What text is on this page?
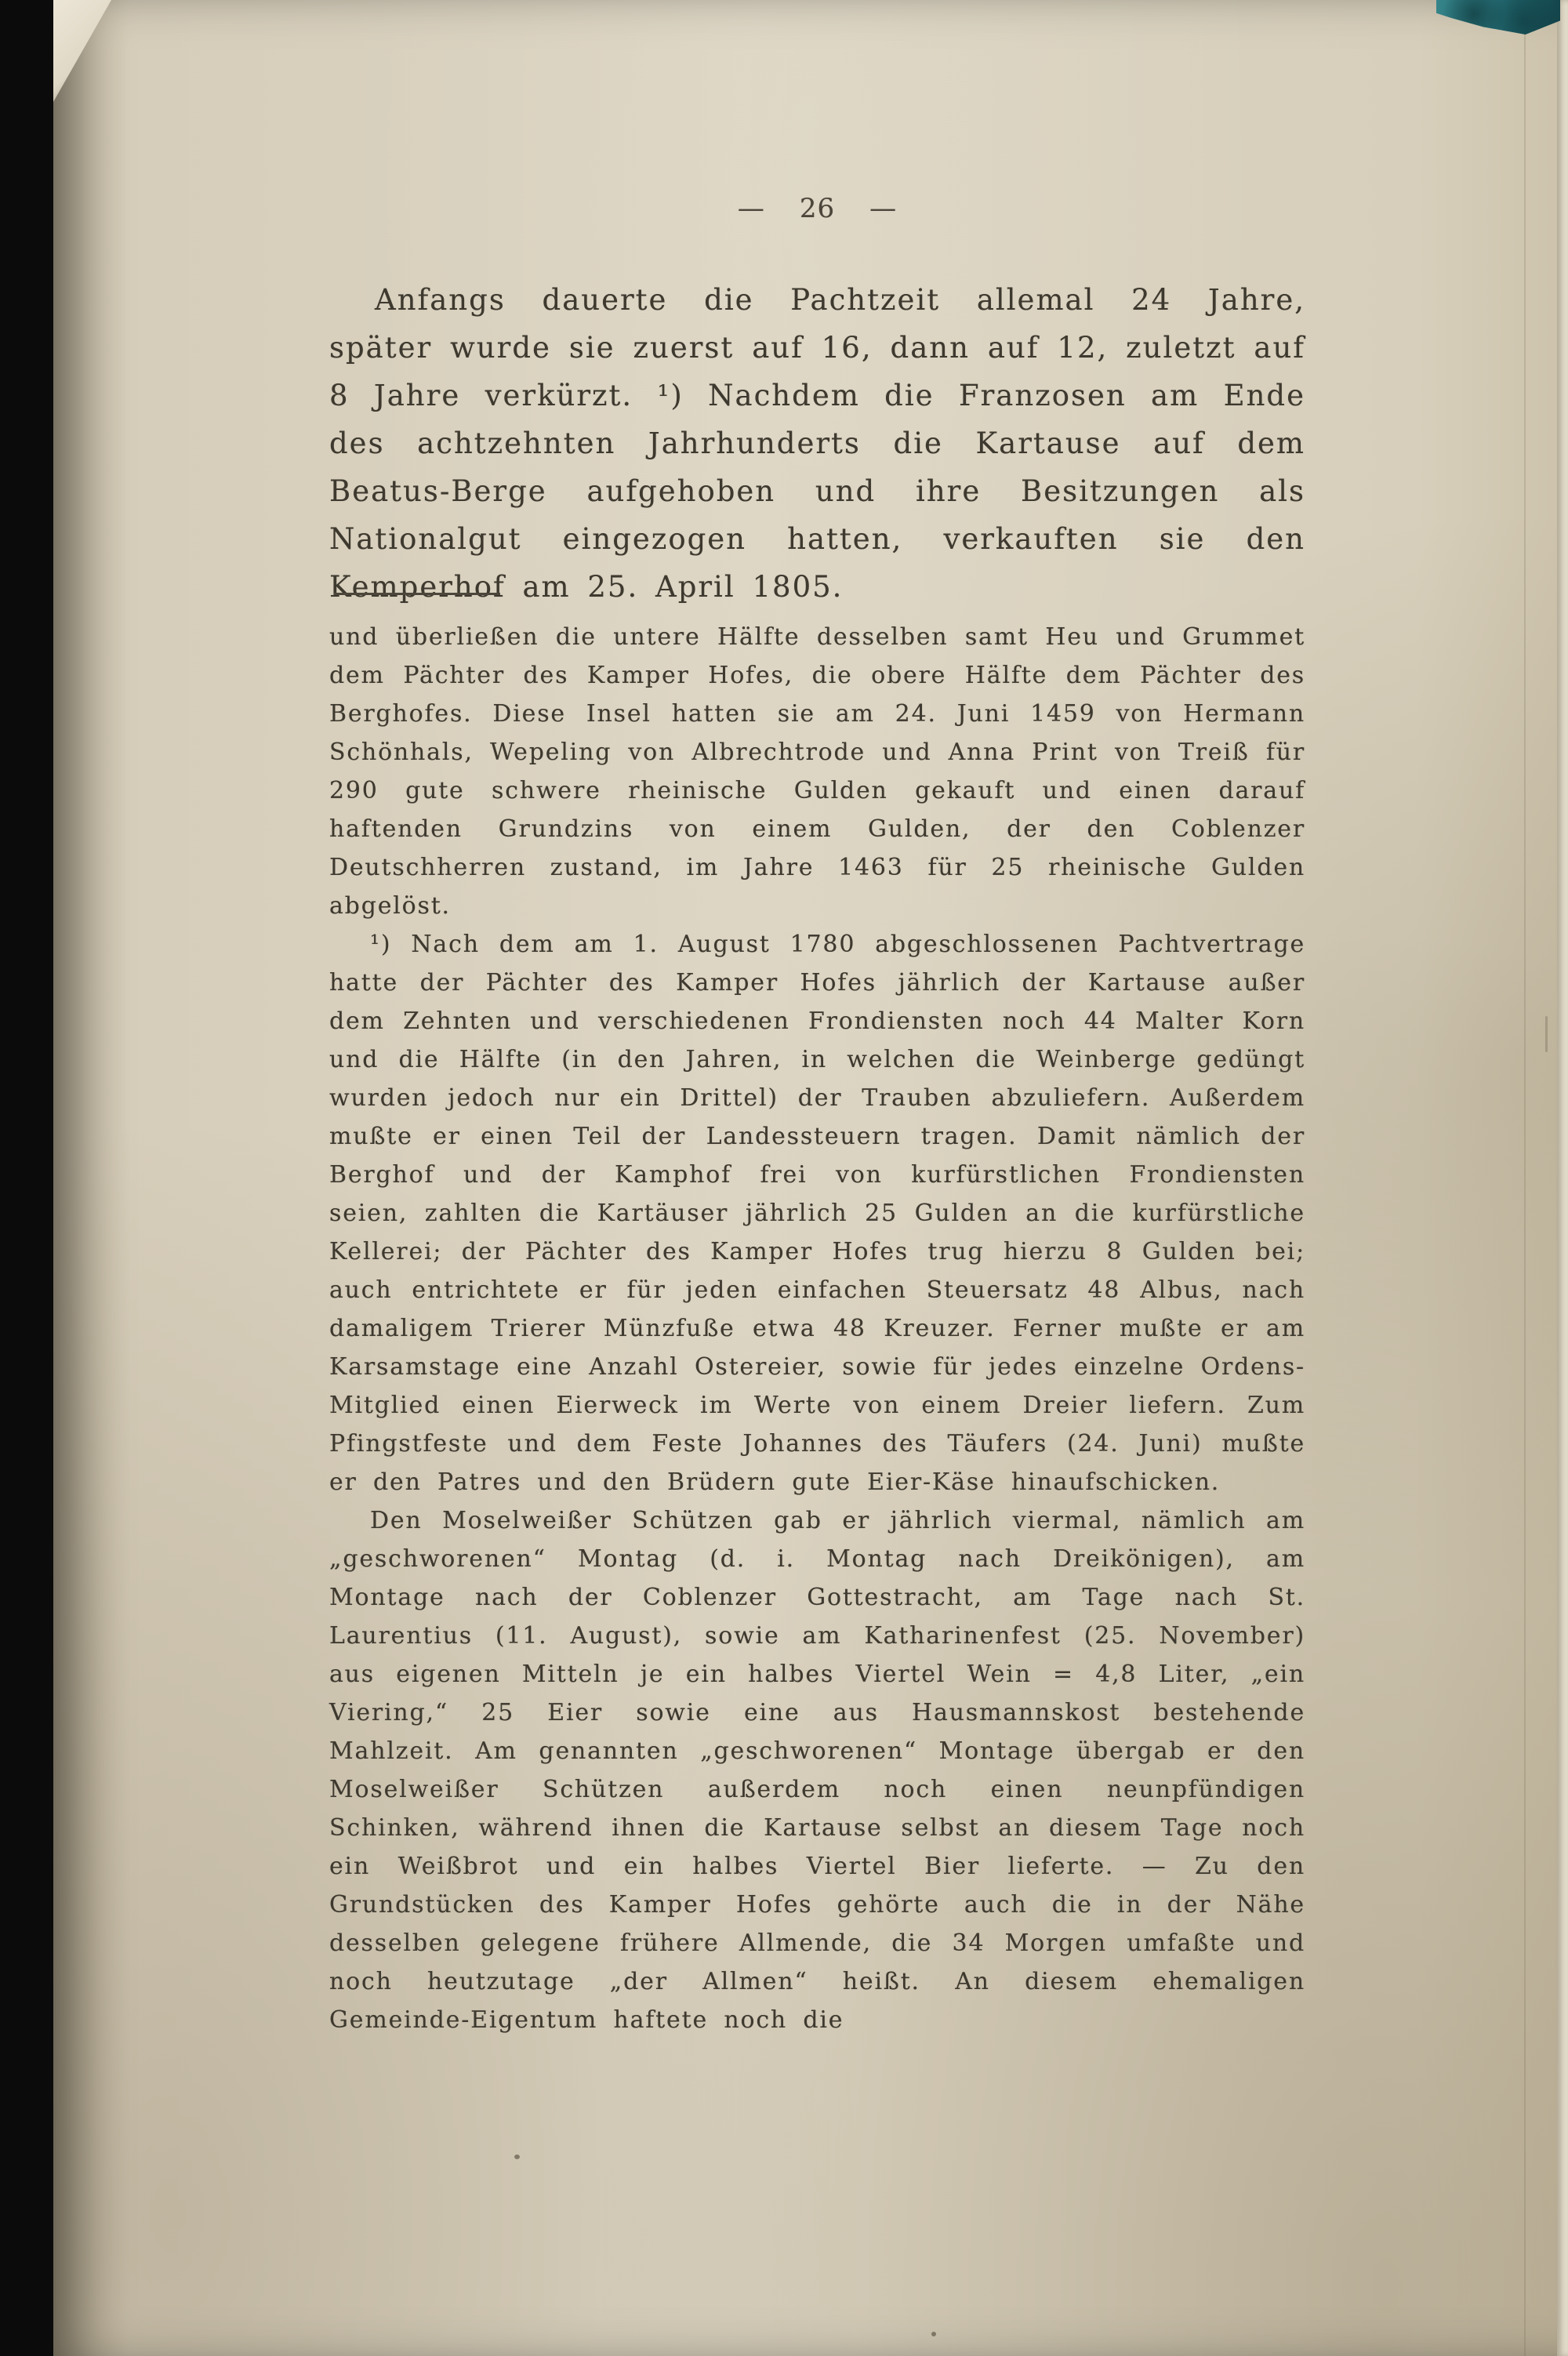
— 26 —

Anfangs dauerte die Pachtzeit allemal 24 Jahre, später wurde sie zuerst auf 16, dann auf 12, zuletzt auf 8 Jahre verkürzt. ¹) Nachdem die Franzosen am Ende des achtzehnten Jahrhunderts die Kartause auf dem Beatus-Berge aufgehoben und ihre Besitzungen als Nationalgut eingezogen hatten, verkauften sie den Kemperhof am 25. April 1805.

und überließen die untere Hälfte desselben samt Heu und Grummet dem Pächter des Kamper Hofes, die obere Hälfte dem Pächter des Berghofes. Diese Insel hatten sie am 24. Juni 1459 von Hermann Schönhals, Wepeling von Albrechtrode und Anna Print von Treiß für 290 gute schwere rheinische Gulden gekauft und einen darauf haftenden Grundzins von einem Gulden, der den Coblenzer Deutschherren zustand, im Jahre 1463 für 25 rheinische Gulden abgelöst.

¹) Nach dem am 1. August 1780 abgeschlossenen Pachtvertrage hatte der Pächter des Kamper Hofes jährlich der Kartause außer dem Zehnten und verschiedenen Frondiensten noch 44 Malter Korn und die Hälfte (in den Jahren, in welchen die Weinberge gedüngt wurden jedoch nur ein Drittel) der Trauben abzuliefern. Außerdem mußte er einen Teil der Landessteuern tragen. Damit nämlich der Berghof und der Kamphof frei von kurfürstlichen Frondiensten seien, zahlten die Kartäuser jährlich 25 Gulden an die kurfürstliche Kellerei; der Pächter des Kamper Hofes trug hierzu 8 Gulden bei; auch entrichtete er für jeden einfachen Steuersatz 48 Albus, nach damaligem Trierer Münzfuße etwa 48 Kreuzer. Ferner mußte er am Karsamstage eine Anzahl Ostereier, sowie für jedes einzelne Ordens-Mitglied einen Eierweck im Werte von einem Dreier liefern. Zum Pfingstfeste und dem Feste Johannes des Täufers (24. Juni) mußte er den Patres und den Brüdern gute Eier-Käse hinaufschicken.

Den Moselweißer Schützen gab er jährlich viermal, nämlich am „geschworenen“ Montag (d. i. Montag nach Dreikönigen), am Montage nach der Coblenzer Gottestracht, am Tage nach St. Laurentius (11. August), sowie am Katharinenfest (25. November) aus eigenen Mitteln je ein halbes Viertel Wein = 4,8 Liter, „ein Viering,“ 25 Eier sowie eine aus Hausmannskost bestehende Mahlzeit. Am genannten „geschworenen“ Montage übergab er den Moselweißer Schützen außerdem noch einen neunpfündigen Schinken, während ihnen die Kartause selbst an diesem Tage noch ein Weißbrot und ein halbes Viertel Bier lieferte. — Zu den Grundstücken des Kamper Hofes gehörte auch die in der Nähe desselben gelegene frühere Allmende, die 34 Morgen umfaßte und noch heutzutage „der Allmen“ heißt. An diesem ehemaligen Gemeinde-Eigentum haftete noch die
